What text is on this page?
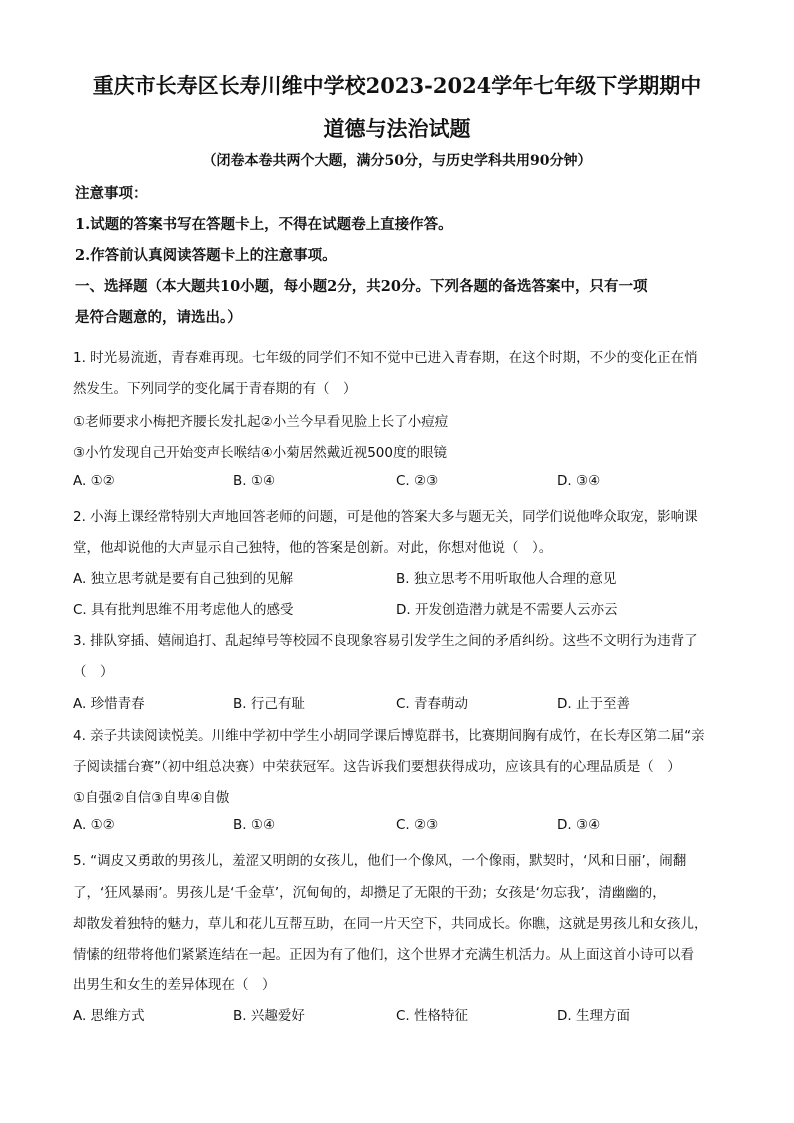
重庆市长寿区长寿川维中学校2023-2024学年七年级下学期期中
道德与法治试题
（闭卷本卷共两个大题，满分50分，与历史学科共用90分钟）
注意事项：
1.试题的答案书写在答题卡上，不得在试题卷上直接作答。
2.作答前认真阅读答题卡上的注意事项。
一、选择题（本大题共10小题，每小题2分，共20分。下列各题的备选答案中，只有一项
是符合题意的，请选出。）
1. 时光易流逝，青春难再现。七年级的同学们不知不觉中已进入青春期，在这个时期，不少的变化正在悄
然发生。下列同学的变化属于青春期的有（　）
①老师要求小梅把齐腰长发扎起②小兰今早看见脸上长了小痘痘
③小竹发现自己开始变声长喉结④小菊居然戴近视500度的眼镜
A. ①②	B. ①④	C. ②③	D. ③④
2. 小海上课经常特别大声地回答老师的问题，可是他的答案大多与题无关，同学们说他哗众取宠，影响课
堂，他却说他的大声显示自己独特，他的答案是创新。对此，你想对他说（　）。
A. 独立思考就是要有自己独到的见解	B. 独立思考不用听取他人合理的意见
C. 具有批判思维不用考虑他人的感受	D. 开发创造潜力就是不需要人云亦云
3. 排队穿插、嬉闹追打、乱起绰号等校园不良现象容易引发学生之间的矛盾纠纷。这些不文明行为违背了
（　）
A. 珍惜青春	B. 行己有耻	C. 青春萌动	D. 止于至善
4. 亲子共读阅读悦美。川维中学初中学生小胡同学课后博览群书，比赛期间胸有成竹，在长寿区第二届“亲
子阅读擂台赛”（初中组总决赛）中荣获冠军。这告诉我们要想获得成功，应该具有的心理品质是（　）
①自强②自信③自卑④自傲
A. ①②	B. ①④	C. ②③	D. ③④
5. “调皮又勇敢的男孩儿，羞涩又明朗的女孩儿，他们一个像风，一个像雨，默契时，‘风和日丽’，闹翻
了，‘狂风暴雨’。男孩儿是‘千金草’，沉甸甸的，却攒足了无限的干劲；女孩是‘勿忘我’，清幽幽的，
却散发着独特的魅力，草儿和花儿互帮互助，在同一片天空下，共同成长。你瞧，这就是男孩儿和女孩儿，
情愫的纽带将他们紧紧连结在一起。正因为有了他们，这个世界才充满生机活力。从上面这首小诗可以看
出男生和女生的差异体现在（　）
A. 思维方式	B. 兴趣爱好	C. 性格特征	D. 生理方面
